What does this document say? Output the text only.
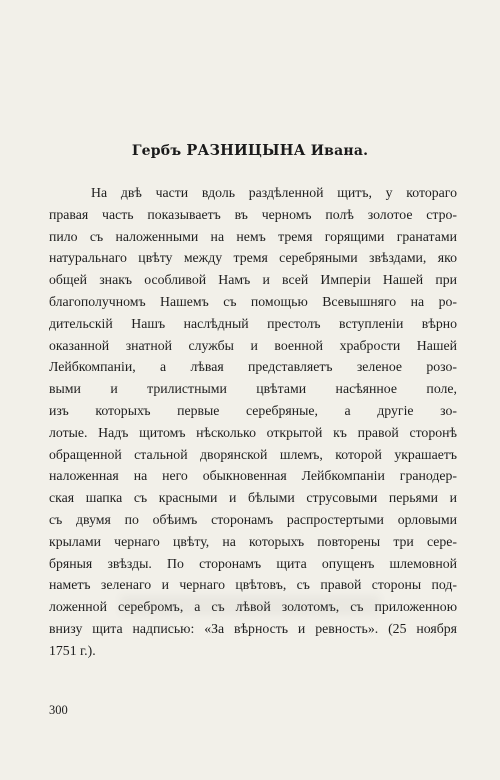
Гербъ РАЗНИЦЫНА Ивана.
На двѣ части вдоль раздѣленной щитъ, у котораго
правая часть показываетъ въ черномъ полѣ золотое стро-
пило съ наложенными на немъ тремя горящими гранатами
натуральнаго цвѣту между тремя серебряными звѣздами, яко
общей знакъ особливой Намъ и всей Имперіи Нашей при
благополучномъ Нашемъ съ помощью Всевышняго на ро-
дительскій Нашъ наслѣдный престолъ вступленіи вѣрно
оказанной знатной службы и военной храбрости Нашей
Лейбкомпаніи, а лѣвая представляетъ зеленое розо-
выми и трилистными цвѣтами насѣянное поле,
изъ которыхъ первые серебряные, а другіе зо-
лотые. Надъ щитомъ нѣсколько открытой къ правой сторонѣ
обращенной стальной дворянской шлемъ, которой украшаетъ
наложенная на него обыкновенная Лейбкомпаніи гранодер-
ская шапка съ красными и бѣлыми струсовыми перьями и
съ двумя по обѣимъ сторонамъ распростертыми орловыми
крылами чернаго цвѣту, на которыхъ повторены три сере-
бряныя звѣзды. По сторонамъ щита опущенъ шлемовной
наметъ зеленаго и чернаго цвѣтовъ, съ правой стороны под-
ложенной серебромъ, а съ лѣвой золотомъ, съ приложенною
внизу щита надписью: «За вѣрность и ревность». (25 ноября
1751 г.).
300
